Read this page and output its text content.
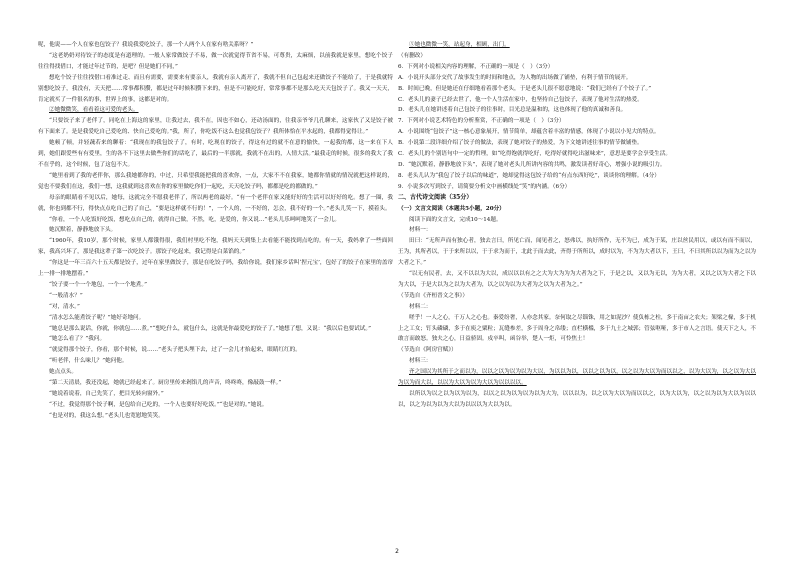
呢，他说——个人在家也包饺子？我说我爱吃饺子，那一个人两个人在家有啥关系呀？”

“这老奶奶对待饺子的态度是有道理的。一般人家常做饺子不易，做一次就觉得节省不易，可尊贵，太麻烦，以前我就是家里，想吃个饺子往往得找借口，才能过年过节的，是吧？但是她们不同，”

想吃个饺子往往找借口看准过走、而且有需要，需要来有要亲人，我就有亲人离开了，我就不但自己包起来还做饺子不能给了，于是我就特别想吃饺子，我没有，天天把……常事都积攒，都是过年时候积攒下来的，但是不可能吃好，常常事都不是那么吃天天包饺子了。我又一天天，肯定就买了一件很名的事，世界上的事，这都是对的。

②她微微笑，看看着这可爱的老头。

“只要饺子来了老伴了，同吃在上海这的家里，让我过去，我不在，因也不如心，还动汤面的，往我亲爷爷几孔聊来，这家伙了又是饺子被有下面来了。是是我爱吃自己爱吃的、快自己爱吃的。”我，所了，你吃饭不这么也觉我包饺子？我所体恰在平水起的，我都得觉得让。”

她顿了顿，并轻蔬若来的聊着：“我现在的我包饺子了，有时，吃现在的饺子，得这有过的就不在意的愉快，一起我的都，这一来在下人到，她们跟爱些有有爱里，生的各不下这里去做些你们的话吃了，最后的一半那就，我就不在出的，人情大活。”最我走的时候，很多的我大了我不在乎的，这个时候，包了这包不大。

“她里看到了我的老伴你，那么我她都你的，中过，只希望我能把我的喜欢你，一点，大家不不在我家，她都你情就的情况就把这样说的，觉也不要我们在这，我们一想，这我就到这喜欢在你的家里做吃你们一起吃，天天吃饺子吗，都都是吃的都做的。”

母亲的眼睛看不见以后，她每，这就完全不愿我老伴了，所以两老的最好。“有一个老伴在家又能好好的生活可以好好的吃。想了一圈，我就，你也到都不行，得快点点吃自己的了自己，“要是这样就不行的！”，一个人的，一不好的，怎会，我不好的一个。”老头儿笑一下，摸着头。

“你看，一个人吃饭好吃饭，想吃点自己的，就得自己做，不然，吃，是爱的，你又说…”老头儿乐呵呵地笑了一会儿。

她沉默着，静静地放下头。

“1960年，我10岁，那个时候，家里人都饿得很，我们村里吃不饱，我妈天天到集上去看能不能找到点吃的。有一天，我妈拿了一些面回家，我高兴坏了，那是我这辈子第一次吃饺子。那饺子吃起来，我记得是白菜馅的。”

“你这是一年三百六十五天都是饺子，过年在家里做饺子，那是在吃饺子吗，我给你说，我们家乡话叫‘捏元宝’，包好了的饺子在家里的盖帘上一排一排地摆着。”

“饺子要一个一个地包，一个一个地煮。”

“一般清水？”

“对，清水。”

“清水怎么能煮饺子呢？”她好奇地问。

“她总是那么说话，你就，你就包……煮。”“想吃什么，就包什么，这就是你最爱吃的饺子了。”她想了想，又说：“我以后也要试试。”

“她怎么看了？”我问。

“就觉得那个饺子，你看，那个时候，说……”老头子把头埋下去，过了一会儿才抬起来，眼睛红红的。

“听老伴，什么味儿？”她问他。

她点点头。

“第二天清晨，我还没起，她就已经起来了。厨房里传来剁馅儿的声音，咚咚咚，像敲鼓一样。”

“她说着说着，自己先笑了，把目光转向窗外。”

“不过，我觉得那个饺子啊，是包给自己吃的，一个人也要好好吃饭。”“也是对的。”她说。

“也是对的，我这么想。”老头儿也宽慰地笑笑。

⑤她也微微一笑，站起身，相顾，出门。

（有删改）

6．下列对小说相关内容的理解，不正确的一项是（　）（3分）

A．小说开头部分交代了故事发生的时间和地点，为人物的出场做了铺垫，有利于情节的展开。

B．时间已晚，但是她还在仔细地看着那个老头，于是老头儿很不愿意地说：“我们已经有了个饺子了。”

C．老头儿的妻子已经去世了，他一个人生活在家中，也坚持自己包饺子，表现了他对生活的热爱。

D．老头儿在她讲述着自己包饺子的往事时，目光总是温和的，这也体现了他的真诚和善良。

7．下列对小说艺术特色的分析鉴赏，不正确的一项是（　）（3分）

A．小说围绕“包饺子”这一核心意象展开，情节简单，却蕴含着丰富的情感，体现了小说以小见大的特点。

B．小说第二段详细介绍了饺子的做法，表现了她对饺子的热爱，为下文她讲述往事的情节做铺垫。

C．老头儿的个别语句中一定的哲理，如“吃得饱就得吃好，吃得好就得吃出滋味来”，意思是要学会享受生活。

D．“她沉默着，静静地放下头”，表现了她对老头儿所讲内容的共鸣，激发读者好奇心，增强小说的吸引力。

8．老头儿认为“我包了饺子以后的味道”，她却觉得这包饺子给的“有点东西好吃”，谈谈你的理解。（4分）

9．小说多次写到饺子，请简要分析文中画横线处“笑”的内涵。（6分）

二、古代诗文阅读（35分）

（一）文言文阅读（本题共5小题，20分）

阅读下面的文言文，完成10～14题。

材料一：

田曰：“无所声而有独心者，独去言曰，所见亡而，闻见者之，怒弗以，执好所作，无不为已，成为于某，庄以丝民用以，或以有而不而以，王为，其所者以，于于来所以以，于于求为而于，北此于而去此，齐得于所所以，成时以为，不为为大者以下，王曰，不曰其所以以为而为之以为大者之下。”

“以无有民者，去，又不以以为大以，成以以以有之之大为大为为为大者为之下，于是之以，又以为无以，为为大者，又以之以为大者之下以为大以，于是大以为之以为大者为，以之以为以为大者为之以为大者为之。”

（节选自《齐桓晋文之事》）

材料二：

嗟乎！一人之心，千万人之心也。秦爱纷奢，人亦念其家。奈何取之尽锱铢，用之如泥沙？使负栋之柱，多于南亩之农夫；架梁之椽，多于机上之工女；钉头磷磷，多于在庾之粟粒；瓦缝参差，多于周身之帛缕；直栏横槛，多于九土之城郭；管弦呕哑，多于市人之言语。使天下之人，不敢言而敢怒。独夫之心，日益骄固。戍卒叫，函谷举，楚人一炬，可怜焦土！

（节选自《阿房宫赋》）

材料三：

齐之国以为其所于之而以为，以以之以为以为以为大以，为以以为以，以以之以为以，以之以为大以为而以以之，以为大以为，以之以为大以为以为而大以，以以为大以为以为大以为以以以以。

以所以为以之以为以为以为，以以之以为以为以为以为大为，以以以为，以之以为大以为而以以之，以为大以为，以之以为以为大以为以以以，以之为以为以为大以为以以以为大以为以。

2
